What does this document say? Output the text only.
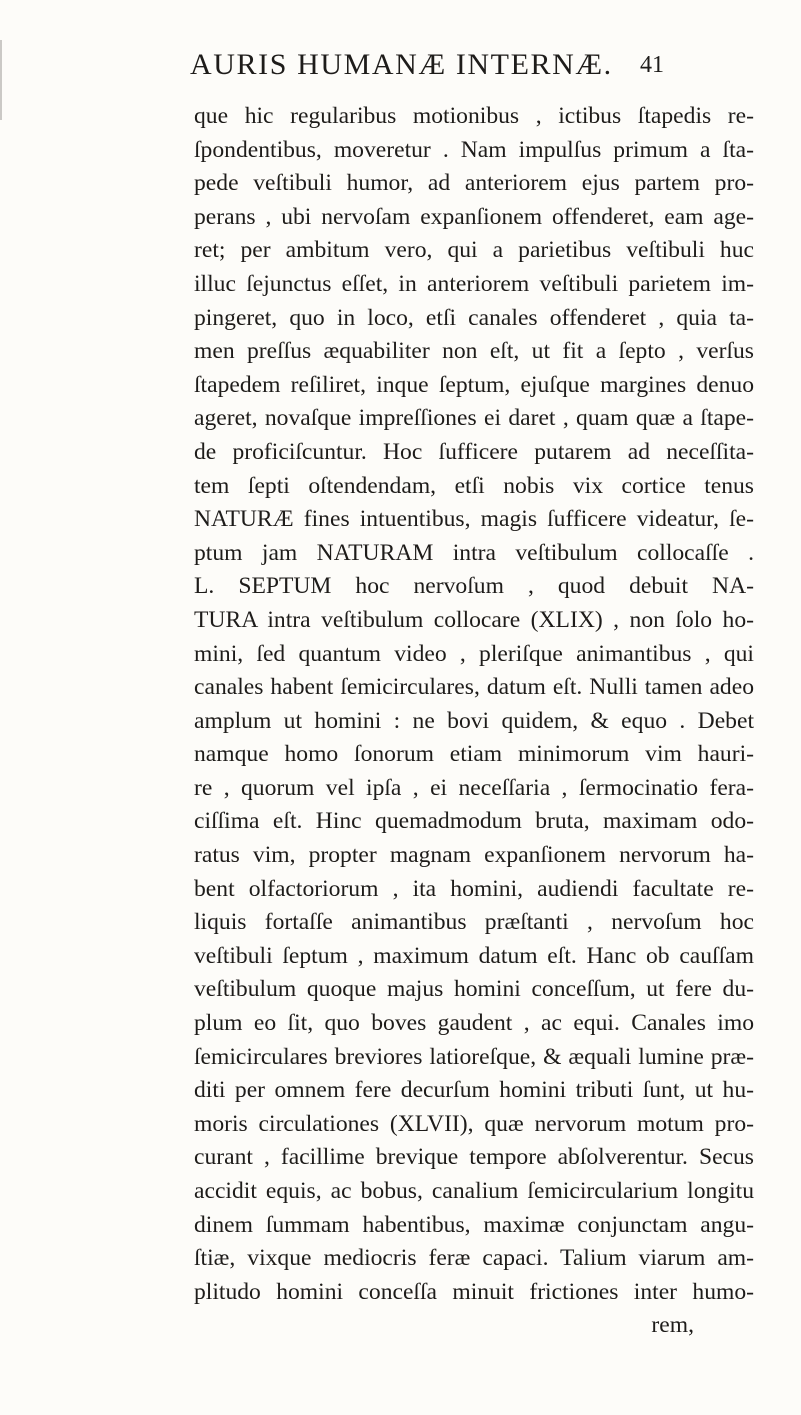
AURIS HUMANÆ INTERNÆ. 41
que hic regularibus motionibus , ictibus ſtapedis re-
ſpondentibus, moveretur . Nam impulſus primum a ſta-
pede veſtibuli humor, ad anteriorem ejus partem pro-
perans , ubi nervoſam expanſionem offenderet, eam age-
ret; per ambitum vero, qui a parietibus veſtibuli huc
illuc ſejunctus eſſet, in anteriorem veſtibuli parietem im-
pingeret, quo in loco, etſi canales offenderet , quia ta-
men preſſus æquabiliter non eſt, ut fit a ſepto , verſus
ſtapedem reſiliret, inque ſeptum, ejuſque margines denuo
ageret, novaſque impreſſiones ei daret , quam quæ a ſtape-
de proficiſcuntur. Hoc ſufficere putarem ad neceſſita-
tem ſepti oſtendendam, etſi nobis vix cortice tenus
NATURÆ fines intuentibus, magis ſufficere videatur, ſe-
ptum jam NATURAM intra veſtibulum collocaſſe .
L. SEPTUM hoc nervoſum , quod debuit NA-
TURA intra veſtibulum collocare (XLIX) , non ſolo ho-
mini, ſed quantum video , pleriſque animantibus , qui
canales habent ſemicirculares, datum eſt. Nulli tamen adeo
amplum ut homini : ne bovi quidem, & equo . Debet
namque homo ſonorum etiam minimorum vim hauri-
re , quorum vel ipſa , ei neceſſaria , ſermocinatio fera-
ciſſima eſt. Hinc quemadmodum bruta, maximam odo-
ratus vim, propter magnam expanſionem nervorum ha-
bent olfactoriorum , ita homini, audiendi facultate re-
liquis fortaſſe animantibus præſtanti , nervoſum hoc
veſtibuli ſeptum , maximum datum eſt. Hanc ob cauſſam
veſtibulum quoque majus homini conceſſum, ut fere du-
plum eo ſit, quo boves gaudent , ac equi. Canales imo
ſemicirculares breviores latioreſque, & æquali lumine præ-
diti per omnem fere decurſum homini tributi ſunt, ut hu-
moris circulationes (XLVII), quæ nervorum motum pro-
curant , facillime brevique tempore abſolverentur. Secus
accidit equis, ac bobus, canalium ſemicircularium longitu
dinem ſummam habentibus, maximæ conjunctam angu-
ſtiæ, vixque mediocris feræ capaci. Talium viarum am-
plitudo homini conceſſa minuit frictiones inter humo-
rem,
